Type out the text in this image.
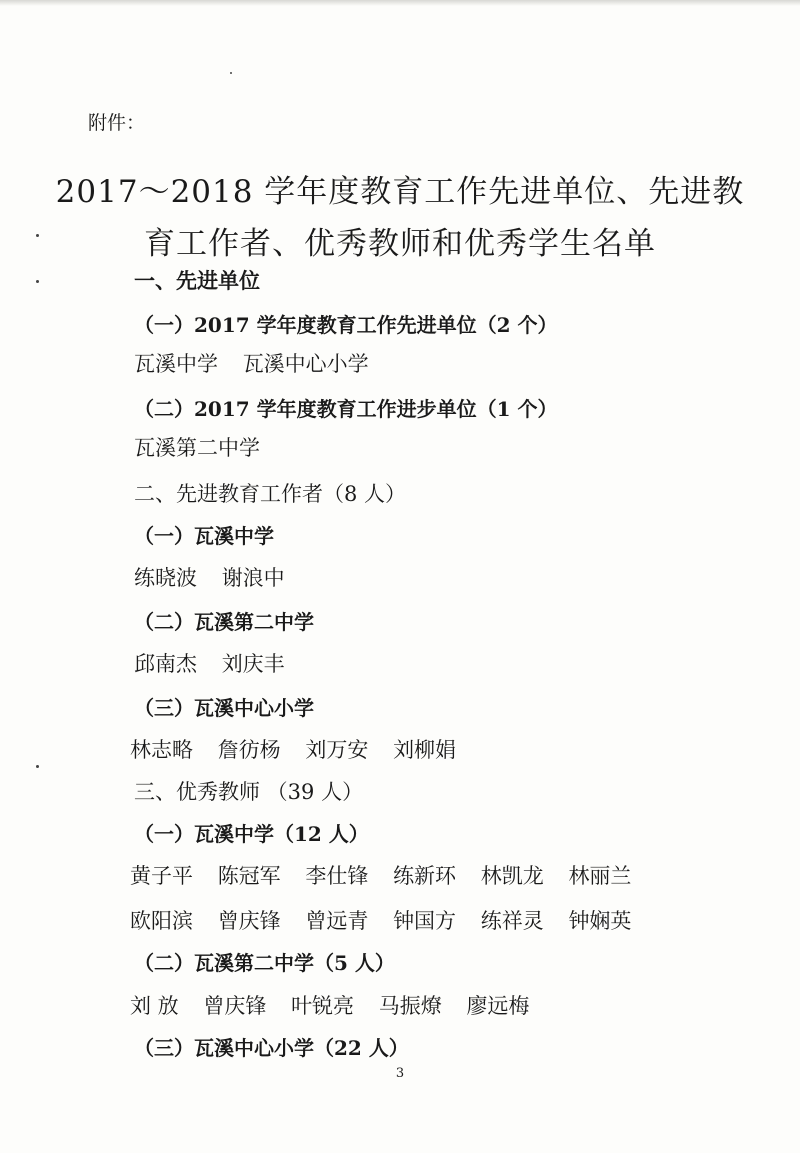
附件：
2017～2018 学年度教育工作先进单位、先进教
育工作者、优秀教师和优秀学生名单
一、先进单位
（一）2017 学年度教育工作先进单位（2 个）
瓦溪中学 瓦溪中心小学
（二）2017 学年度教育工作进步单位（1 个）
瓦溪第二中学
二、先进教育工作者（8 人）
（一）瓦溪中学
练晓波 谢浪中
（二）瓦溪第二中学
邱南杰 刘庆丰
（三）瓦溪中心小学
林志略 詹彷杨 刘万安 刘柳娟
三、优秀教师 （39 人）
（一）瓦溪中学（12 人）
黄子平 陈冠军 李仕锋 练新环 林凯龙 林丽兰
欧阳滨 曾庆锋 曾远青 钟国方 练祥灵 钟娴英
（二）瓦溪第二中学（5 人）
刘 放 曾庆锋 叶锐亮 马振燎 廖远梅
（三）瓦溪中心小学（22 人）
3
